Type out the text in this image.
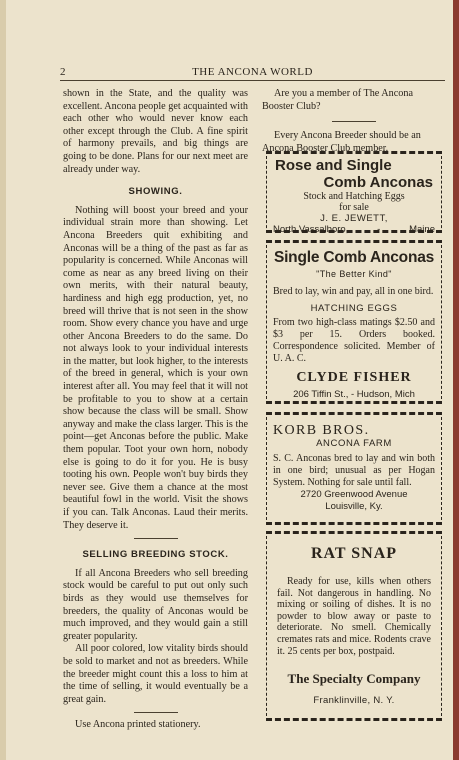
2	THE ANCONA WORLD

shown in the State, and the quality was excellent. Ancona people get acquainted with each other who would never know each other except through the Club. A fine spirit of harmony prevails, and big things are going to be done. Plans for our next meet are already under way.

SHOWING.

Nothing will boost your breed and your individual strain more than showing. Let Ancona Breeders quit exhibiting and Anconas will be a thing of the past as far as popularity is concerned. While Anconas will come as near as any breed living on their own merits, with their natural beauty, hardiness and high egg production, yet, no breed will thrive that is not seen in the show room. Show every chance you have and urge other Ancona Breeders to do the same. Do not always look to your individual interests in the matter, but look higher, to the interests of the breed in general, which is your own interest after all. You may feel that it will not be profitable to you to show at a certain show because the class will be small. Show anyway and make the class larger. This is the point—get Anconas before the public. Make them popular. Toot your own horn, nobody else is going to do it for you. He is busy tooting his own. People won't buy birds they never see. Give them a chance at the most beautiful fowl in the world. Visit the shows if you can. Talk Anconas. Laud their merits. They deserve it.

SELLING BREEDING STOCK.

If all Ancona Breeders who sell breeding stock would be careful to put out only such birds as they would use themselves for breeders, the quality of Anconas would be much improved, and they would gain a still greater popularity.

All poor colored, low vitality birds should be sold to market and not as breeders. While the breeder might count this a loss to him at the time of selling, it would eventually be a great gain.

Use Ancona printed stationery.

Are you a member of The Ancona Booster Club?

Every Ancona Breeder should be an Ancona Booster Club member.

Rose and Single
Comb Anconas
Stock and Hatching Eggs
for sale
J. E. JEWETT,
North Vassalboro,	-	Maine
Single Comb Anconas
"The Better Kind"
Bred to lay, win and pay, all in one bird.
HATCHING EGGS
From two high-class matings $2.50 and $3 per 15. Orders booked. Correspondence solicited. Member of U. A. C.
CLYDE FISHER
206 Tiffin St., - Hudson, Mich
KORB BROS.
ANCONA FARM
S. C. Anconas bred to lay and win both in one bird; unusual as per Hogan System. Nothing for sale until fall.
2720 Greenwood Avenue
Louisville, Ky.
RAT SNAP
Ready for use, kills when others fail. Not dangerous in handling. No mixing or soiling of dishes. It is no powder to blow away or paste to deteriorate. No smell. Chemically cremates rats and mice. Rodents crave it. 25 cents per box, postpaid.
The Specialty Company
Franklinville, N. Y.
